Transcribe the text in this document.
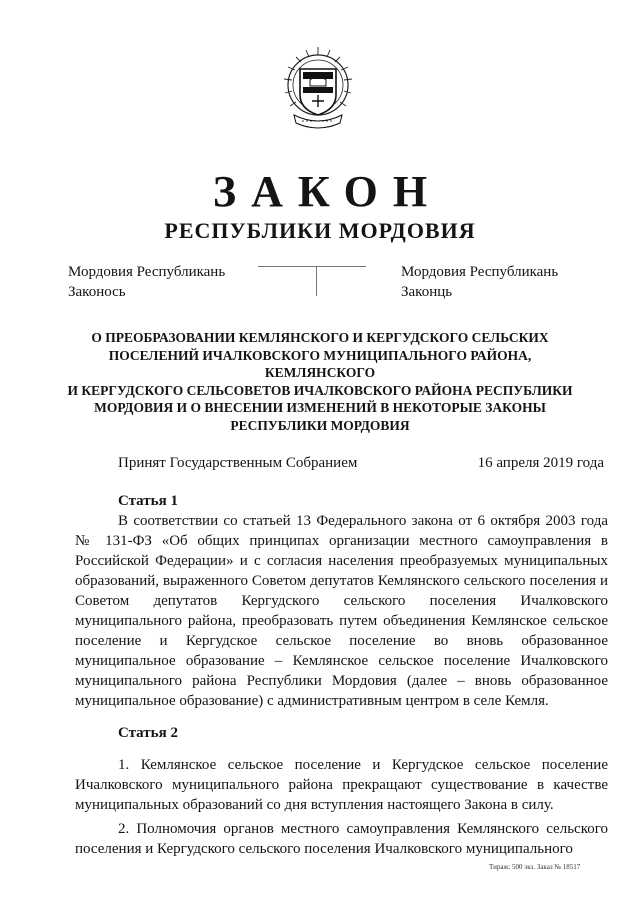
ЗАКОН
РЕСПУБЛИКИ МОРДОВИЯ
Мордовия Республикань
Законось
Мордовия Республикань
Законць
О ПРЕОБРАЗОВАНИИ КЕМЛЯНСКОГО И КЕРГУДСКОГО СЕЛЬСКИХ
ПОСЕЛЕНИЙ ИЧАЛКОВСКОГО МУНИЦИПАЛЬНОГО РАЙОНА, КЕМЛЯНСКОГО
И КЕРГУДСКОГО СЕЛЬСОВЕТОВ ИЧАЛКОВСКОГО РАЙОНА РЕСПУБЛИКИ
МОРДОВИЯ И О ВНЕСЕНИИ ИЗМЕНЕНИЙ В НЕКОТОРЫЕ ЗАКОНЫ
РЕСПУБЛИКИ МОРДОВИЯ
Принят Государственным Собранием	16 апреля 2019 года
Статья 1
В соответствии со статьей 13 Федерального закона от 6 октября 2003 года № 131-ФЗ «Об общих принципах организации местного самоуправления в Российской Федерации» и с согласия населения преобразуемых муниципальных образований, выраженного Советом депутатов Кемлянского сельского поселения и Советом депутатов Кергудского сельского поселения Ичалковского муниципального района, преобразовать путем объединения Кемлянское сельское поселение и Кергудское сельское поселение во вновь образованное муниципальное образование – Кемлянское сельское поселение Ичалковского муниципального района Республики Мордовия (далее – вновь образованное муниципальное образование) с административным центром в селе Кемля.
Статья 2
1. Кемлянское сельское поселение и Кергудское сельское поселение Ичалковского муниципального района прекращают существование в качестве муниципальных образований со дня вступления настоящего Закона в силу.
2. Полномочия органов местного самоуправления Кемлянского сельского поселения и Кергудского сельского поселения Ичалковского муниципального
Тираж: 500 экз. Заказ № 18517
